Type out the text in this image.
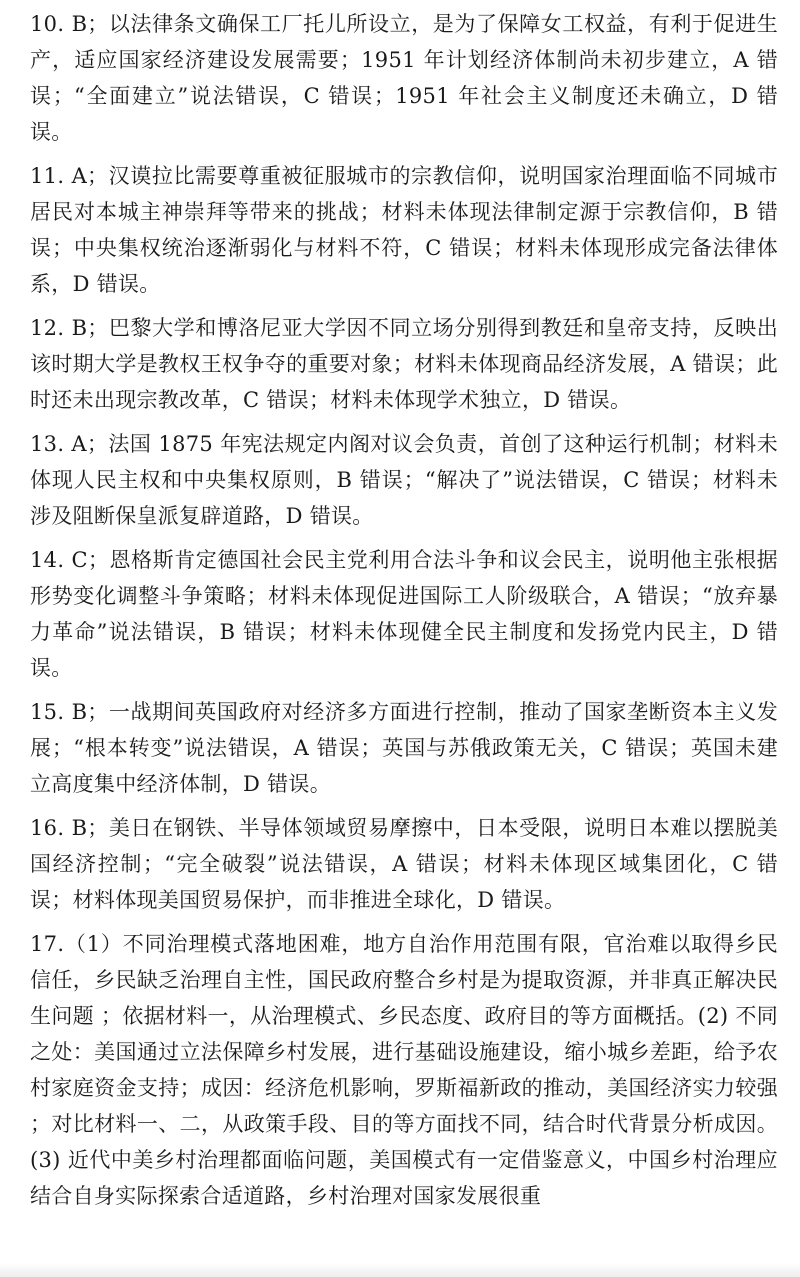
10. B；以法律条文确保工厂托儿所设立，是为了保障女工权益，有利于促进生产，适应国家经济建设发展需要；1951 年计划经济体制尚未初步建立，A 错误；“全面建立”说法错误，C 错误；1951 年社会主义制度还未确立，D 错误。

11. A；汉谟拉比需要尊重被征服城市的宗教信仰，说明国家治理面临不同城市居民对本城主神崇拜等带来的挑战；材料未体现法律制定源于宗教信仰，B 错误；中央集权统治逐渐弱化与材料不符，C 错误；材料未体现形成完备法律体系，D 错误。

12. B；巴黎大学和博洛尼亚大学因不同立场分别得到教廷和皇帝支持，反映出该时期大学是教权王权争夺的重要对象；材料未体现商品经济发展，A 错误；此时还未出现宗教改革，C 错误；材料未体现学术独立，D 错误。

13. A；法国 1875 年宪法规定内阁对议会负责，首创了这种运行机制；材料未体现人民主权和中央集权原则，B 错误；“解决了”说法错误，C 错误；材料未涉及阻断保皇派复辟道路，D 错误。

14. C；恩格斯肯定德国社会民主党利用合法斗争和议会民主，说明他主张根据形势变化调整斗争策略；材料未体现促进国际工人阶级联合，A 错误；“放弃暴力革命”说法错误，B 错误；材料未体现健全民主制度和发扬党内民主，D 错误。

15. B；一战期间英国政府对经济多方面进行控制，推动了国家垄断资本主义发展；“根本转变”说法错误，A 错误；英国与苏俄政策无关，C 错误；英国未建立高度集中经济体制，D 错误。

16. B；美日在钢铁、半导体领域贸易摩擦中，日本受限，说明日本难以摆脱美国经济控制；“完全破裂”说法错误，A 错误；材料未体现区域集团化，C 错误；材料体现美国贸易保护，而非推进全球化，D 错误。

17.（1）不同治理模式落地困难，地方自治作用范围有限，官治难以取得乡民信任，乡民缺乏治理自主性，国民政府整合乡村是为提取资源，并非真正解决民生问题 ；依据材料一，从治理模式、乡民态度、政府目的等方面概括。(2) 不同之处：美国通过立法保障乡村发展，进行基础设施建设，缩小城乡差距，给予农村家庭资金支持；成因：经济危机影响，罗斯福新政的推动，美国经济实力较强 ；对比材料一、二，从政策手段、目的等方面找不同，结合时代背景分析成因。(3) 近代中美乡村治理都面临问题，美国模式有一定借鉴意义，中国乡村治理应结合自身实际探索合适道路，乡村治理对国家发展很重
